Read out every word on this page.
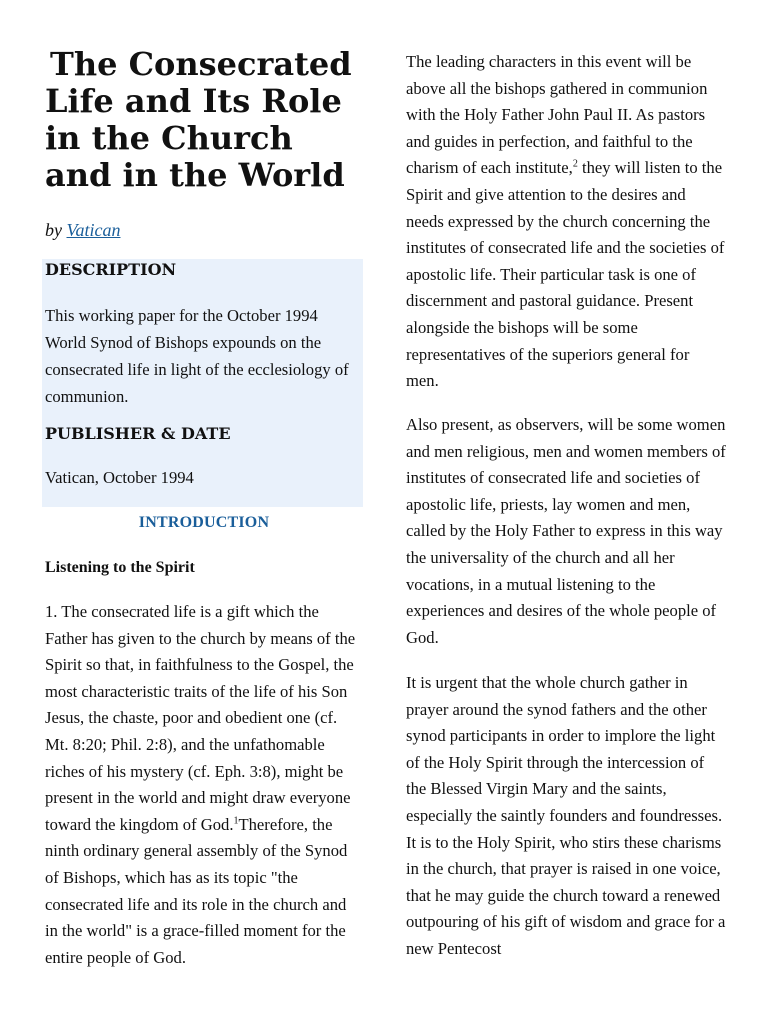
The Consecrated Life and Its Role in the Church and in the World
by Vatican
DESCRIPTION

This working paper for the October 1994 World Synod of Bishops expounds on the consecrated life in light of the ecclesiology of communion.

PUBLISHER & DATE

Vatican, October 1994

INTRODUCTION
Listening to the Spirit

1. The consecrated life is a gift which the Father has given to the church by means of the Spirit so that, in faithfulness to the Gospel, the most characteristic traits of the life of his Son Jesus, the chaste, poor and obedient one (cf. Mt. 8:20; Phil. 2:8), and the unfathomable riches of his mystery (cf. Eph. 3:8), might be present in the world and might draw everyone toward the kingdom of God.$^1$Therefore, the ninth ordinary general assembly of the Synod of Bishops, which has as its topic "the consecrated life and its role in the church and in the world" is a grace-filled moment for the entire people of God.

The leading characters in this event will be above all the bishops gathered in communion with the Holy Father John Paul II. As pastors and guides in perfection, and faithful to the charism of each institute,$^2$ they will listen to the Spirit and give attention to the desires and needs expressed by the church concerning the institutes of consecrated life and the societies of apostolic life. Their particular task is one of discernment and pastoral guidance. Present alongside the bishops will be some representatives of the superiors general for men.

Also present, as observers, will be some women and men religious, men and women members of institutes of consecrated life and societies of apostolic life, priests, lay women and men, called by the Holy Father to express in this way the universality of the church and all her vocations, in a mutual listening to the experiences and desires of the whole people of God.

It is urgent that the whole church gather in prayer around the synod fathers and the other synod participants in order to implore the light of the Holy Spirit through the intercession of the Blessed Virgin Mary and the saints, especially the saintly founders and foundresses. It is to the Holy Spirit, who stirs these charisms in the church, that prayer is raised in one voice, that he may guide the church toward a renewed outpouring of his gift of wisdom and grace for a new Pentecost
